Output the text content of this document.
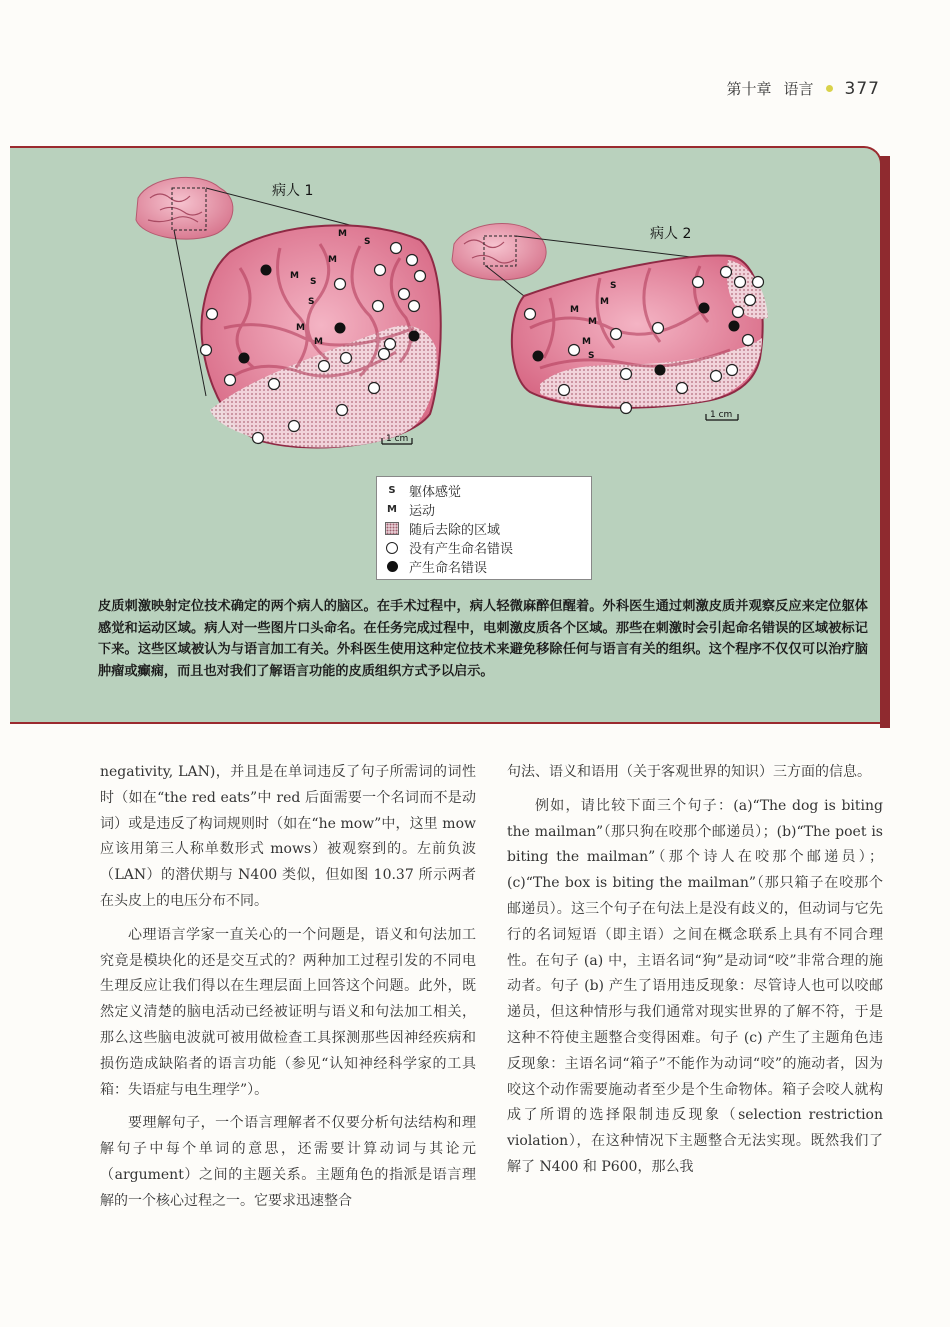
第十章 语言 377
病人 1
M
S
M
M
S
S
M
M
1 cm
病人 2
S
M
M
M
M
S
1 cm
S 躯体感觉
M 运动
随后去除的区域
没有产生命名错误
产生命名错误
皮质刺激映射定位技术确定的两个病人的脑区。在手术过程中，病人轻微麻醉但醒着。外科医生通过刺激皮质并观察反应来定位躯体感觉和运动区域。病人对一些图片口头命名。在任务完成过程中，电刺激皮质各个区域。那些在刺激时会引起命名错误的区域被标记下来。这些区域被认为与语言加工有关。外科医生使用这种定位技术来避免移除任何与语言有关的组织。这个程序不仅仅可以治疗脑肿瘤或癫痫，而且也对我们了解语言功能的皮质组织方式予以启示。

negativity, LAN)，并且是在单词违反了句子所需词的词性时（如在“the red eats”中 red 后面需要一个名词而不是动词）或是违反了构词规则时（如在“he mow”中，这里 mow 应该用第三人称单数形式 mows）被观察到的。左前负波（LAN）的潜伏期与 N400 类似，但如图 10.37 所示两者在头皮上的电压分布不同。

心理语言学家一直关心的一个问题是，语义和句法加工究竟是模块化的还是交互式的？两种加工过程引发的不同电生理反应让我们得以在生理层面上回答这个问题。此外，既然定义清楚的脑电活动已经被证明与语义和句法加工相关，那么这些脑电波就可被用做检查工具探测那些因神经疾病和损伤造成缺陷者的语言功能（参见“认知神经科学家的工具箱：失语症与电生理学”）。

要理解句子，一个语言理解者不仅要分析句法结构和理解句子中每个单词的意思，还需要计算动词与其论元（argument）之间的主题关系。主题角色的指派是语言理解的一个核心过程之一。它要求迅速整合

句法、语义和语用（关于客观世界的知识）三方面的信息。

例如，请比较下面三个句子：(a)“The dog is biting the mailman”（那只狗在咬那个邮递员）；(b)“The poet is biting the mailman”（那个诗人在咬那个邮递员）；(c)“The box is biting the mailman”（那只箱子在咬那个邮递员）。这三个句子在句法上是没有歧义的，但动词与它先行的名词短语（即主语）之间在概念联系上具有不同合理性。在句子 (a) 中，主语名词“狗”是动词“咬”非常合理的施动者。句子 (b) 产生了语用违反现象：尽管诗人也可以咬邮递员，但这种情形与我们通常对现实世界的了解不符，于是这种不符使主题整合变得困难。句子 (c) 产生了主题角色违反现象：主语名词“箱子”不能作为动词“咬”的施动者，因为咬这个动作需要施动者至少是个生命物体。箱子会咬人就构成了所谓的选择限制违反现象（selection restriction violation），在这种情况下主题整合无法实现。既然我们了解了 N400 和 P600，那么我
